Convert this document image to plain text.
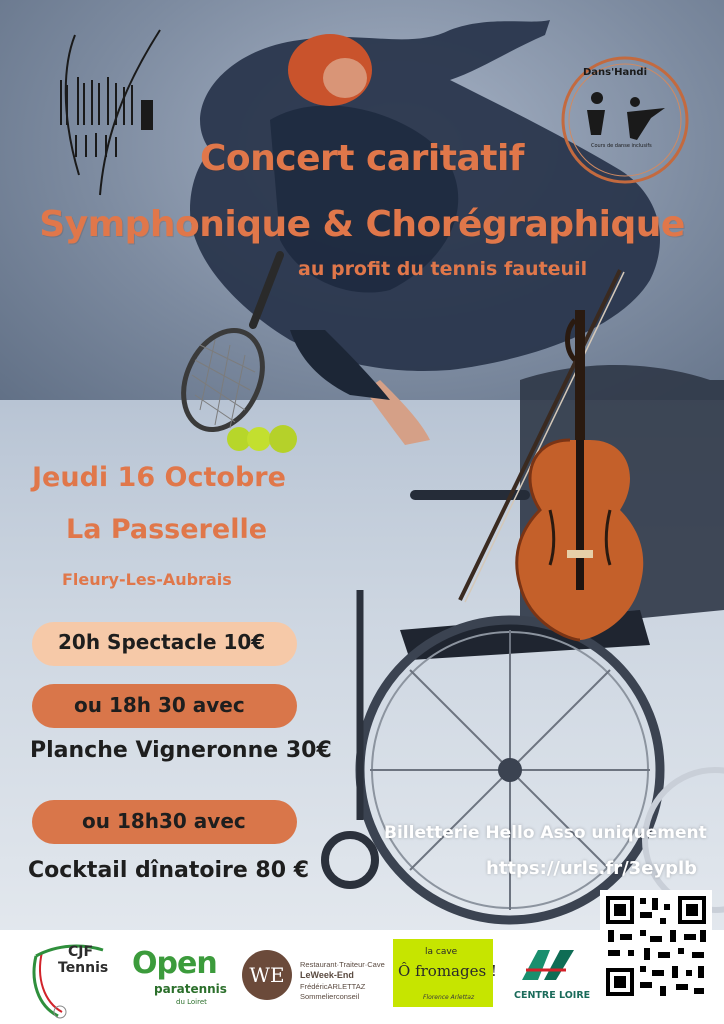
Dans'Handi
Cours de danse inclusifs
Concert caritatif
Symphonique & Chorégraphique
au profit du tennis fauteuil
Jeudi 16 Octobre
La Passerelle
Fleury-Les-Aubrais
20h Spectacle 10€
ou 18h 30 avec
Planche Vigneronne 30€
ou 18h30 avec
Cocktail dînatoire 80 €
Billetterie Hello Asso uniquement
https://urls.fr/3eyplb
CJF
Tennis Open
paratennis
du Loiret
WE	Restaurant·Traiteur·Cave
LeWeek-End
FrédéricARLETTAZ
Sommelierconseil
la cave
Ô fromages !
Florence Arlettaz	CENTRE LOIRE
